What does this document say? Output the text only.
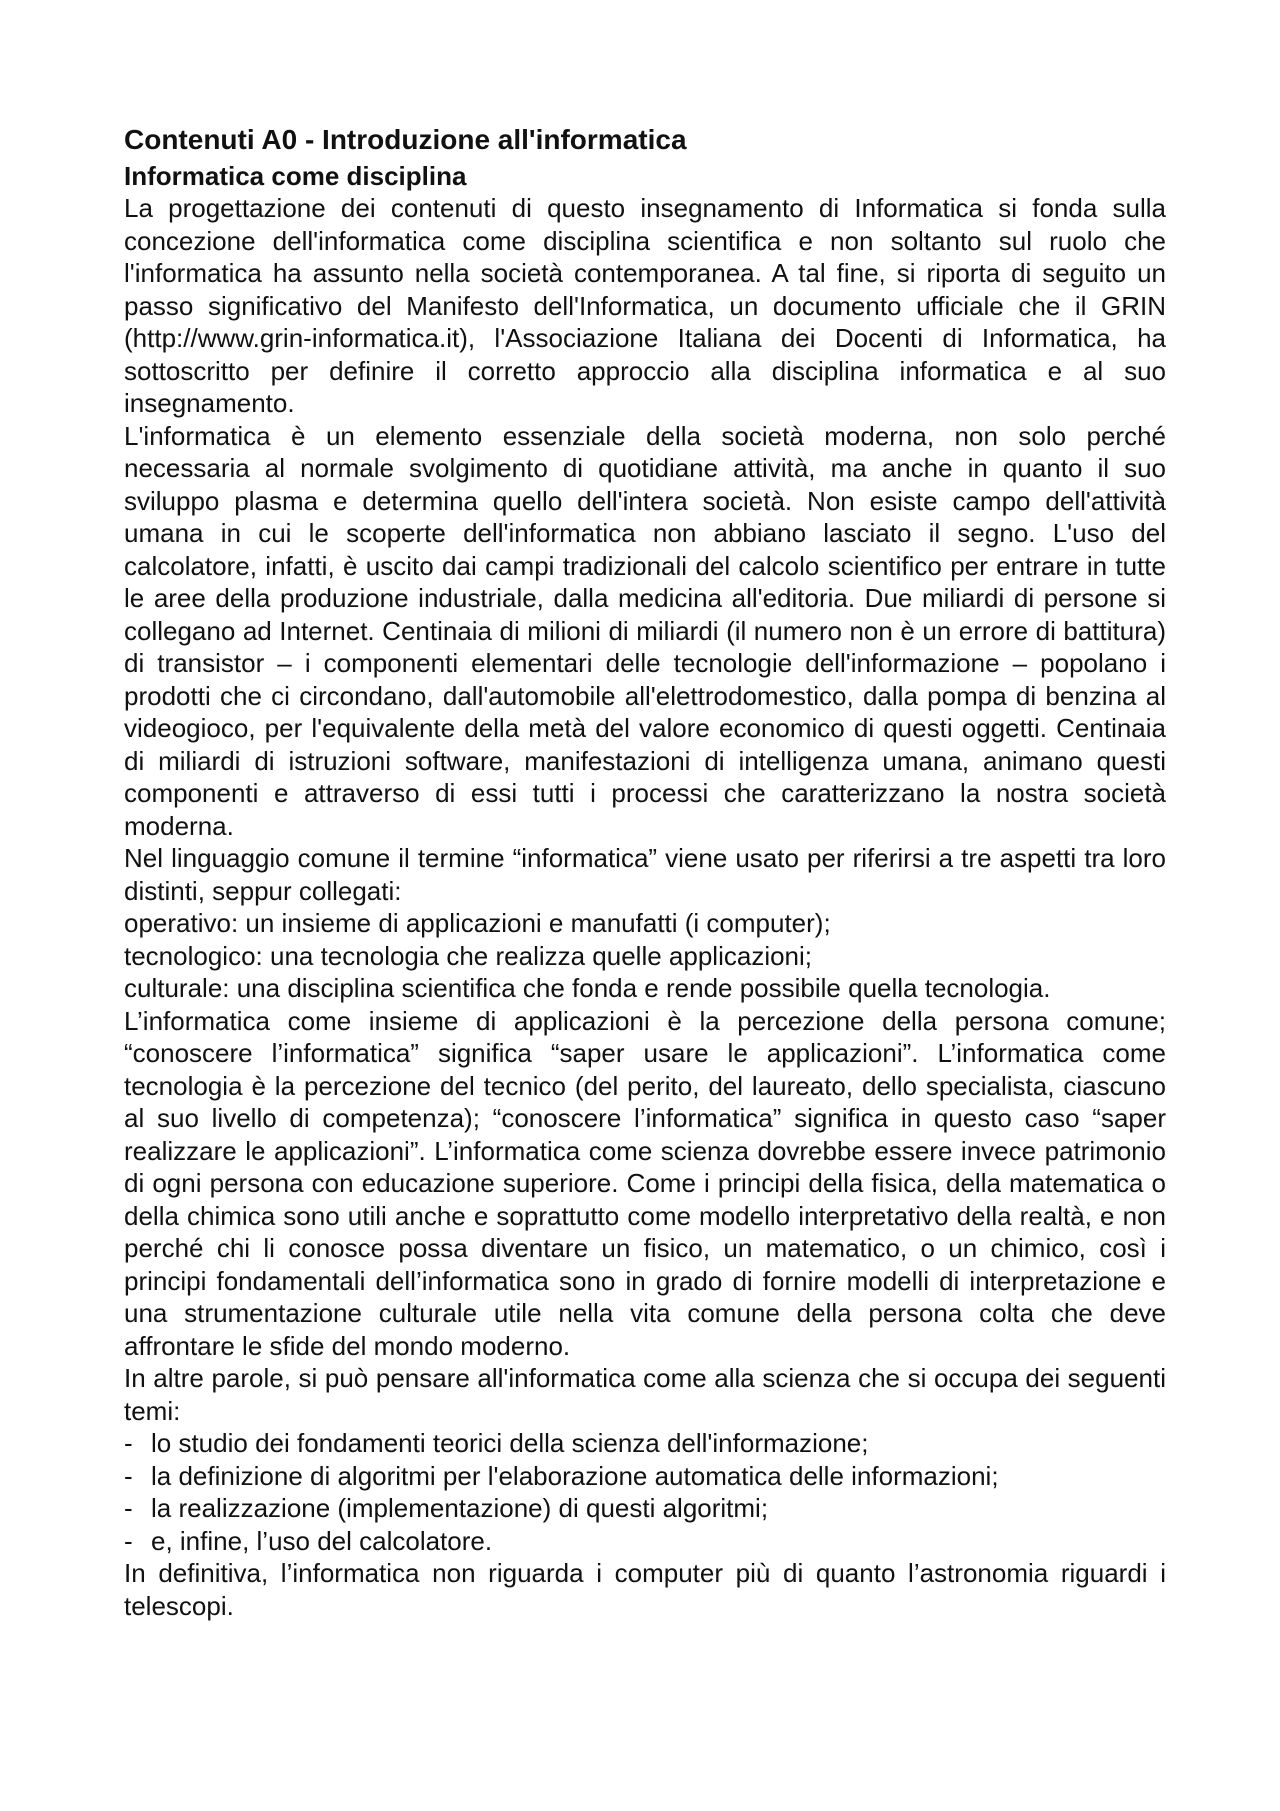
Contenuti A0 - Introduzione all'informatica
Informatica come disciplina

La progettazione dei contenuti di questo insegnamento di Informatica si fonda sulla concezione dell'informatica come disciplina scientifica e non soltanto sul ruolo che l'informatica ha assunto nella società contemporanea. A tal fine, si riporta di seguito un passo significativo del Manifesto dell'Informatica, un documento ufficiale che il GRIN (http://www.grin-informatica.it), l'Associazione Italiana dei Docenti di Informatica, ha sottoscritto per definire il corretto approccio alla disciplina informatica e al suo insegnamento.

L'informatica è un elemento essenziale della società moderna, non solo perché necessaria al normale svolgimento di quotidiane attività, ma anche in quanto il suo sviluppo plasma e determina quello dell'intera società. Non esiste campo dell'attività umana in cui le scoperte dell'informatica non abbiano lasciato il segno. L'uso del calcolatore, infatti, è uscito dai campi tradizionali del calcolo scientifico per entrare in tutte le aree della produzione industriale, dalla medicina all'editoria. Due miliardi di persone si collegano ad Internet. Centinaia di milioni di miliardi (il numero non è un errore di battitura) di transistor – i componenti elementari delle tecnologie dell'informazione – popolano i prodotti che ci circondano, dall'automobile all'elettrodomestico, dalla pompa di benzina al videogioco, per l'equivalente della metà del valore economico di questi oggetti. Centinaia di miliardi di istruzioni software, manifestazioni di intelligenza umana, animano questi componenti e attraverso di essi tutti i processi che caratterizzano la nostra società moderna.

Nel linguaggio comune il termine “informatica” viene usato per riferirsi a tre aspetti tra loro distinti, seppur collegati:

operativo: un insieme di applicazioni e manufatti (i computer);

tecnologico: una tecnologia che realizza quelle applicazioni;

culturale: una disciplina scientifica che fonda e rende possibile quella tecnologia.

L’informatica come insieme di applicazioni è la percezione della persona comune; “conoscere l’informatica” significa “saper usare le applicazioni”. L’informatica come tecnologia è la percezione del tecnico (del perito, del laureato, dello specialista, ciascuno al suo livello di competenza); “conoscere l’informatica” significa in questo caso “saper realizzare le applicazioni”. L’informatica come scienza dovrebbe essere invece patrimonio di ogni persona con educazione superiore. Come i principi della fisica, della matematica o della chimica sono utili anche e soprattutto come modello interpretativo della realtà, e non perché chi li conosce possa diventare un fisico, un matematico, o un chimico, così i principi fondamentali dell’informatica sono in grado di fornire modelli di interpretazione e una strumentazione culturale utile nella vita comune della persona colta che deve affrontare le sfide del mondo moderno.

In altre parole, si può pensare all'informatica come alla scienza che si occupa dei seguenti temi:

- lo studio dei fondamenti teorici della scienza dell'informazione;
- la definizione di algoritmi per l'elaborazione automatica delle informazioni;
- la realizzazione (implementazione) di questi algoritmi;
- e, infine, l’uso del calcolatore.

In definitiva, l’informatica non riguarda i computer più di quanto l’astronomia riguardi i telescopi.
